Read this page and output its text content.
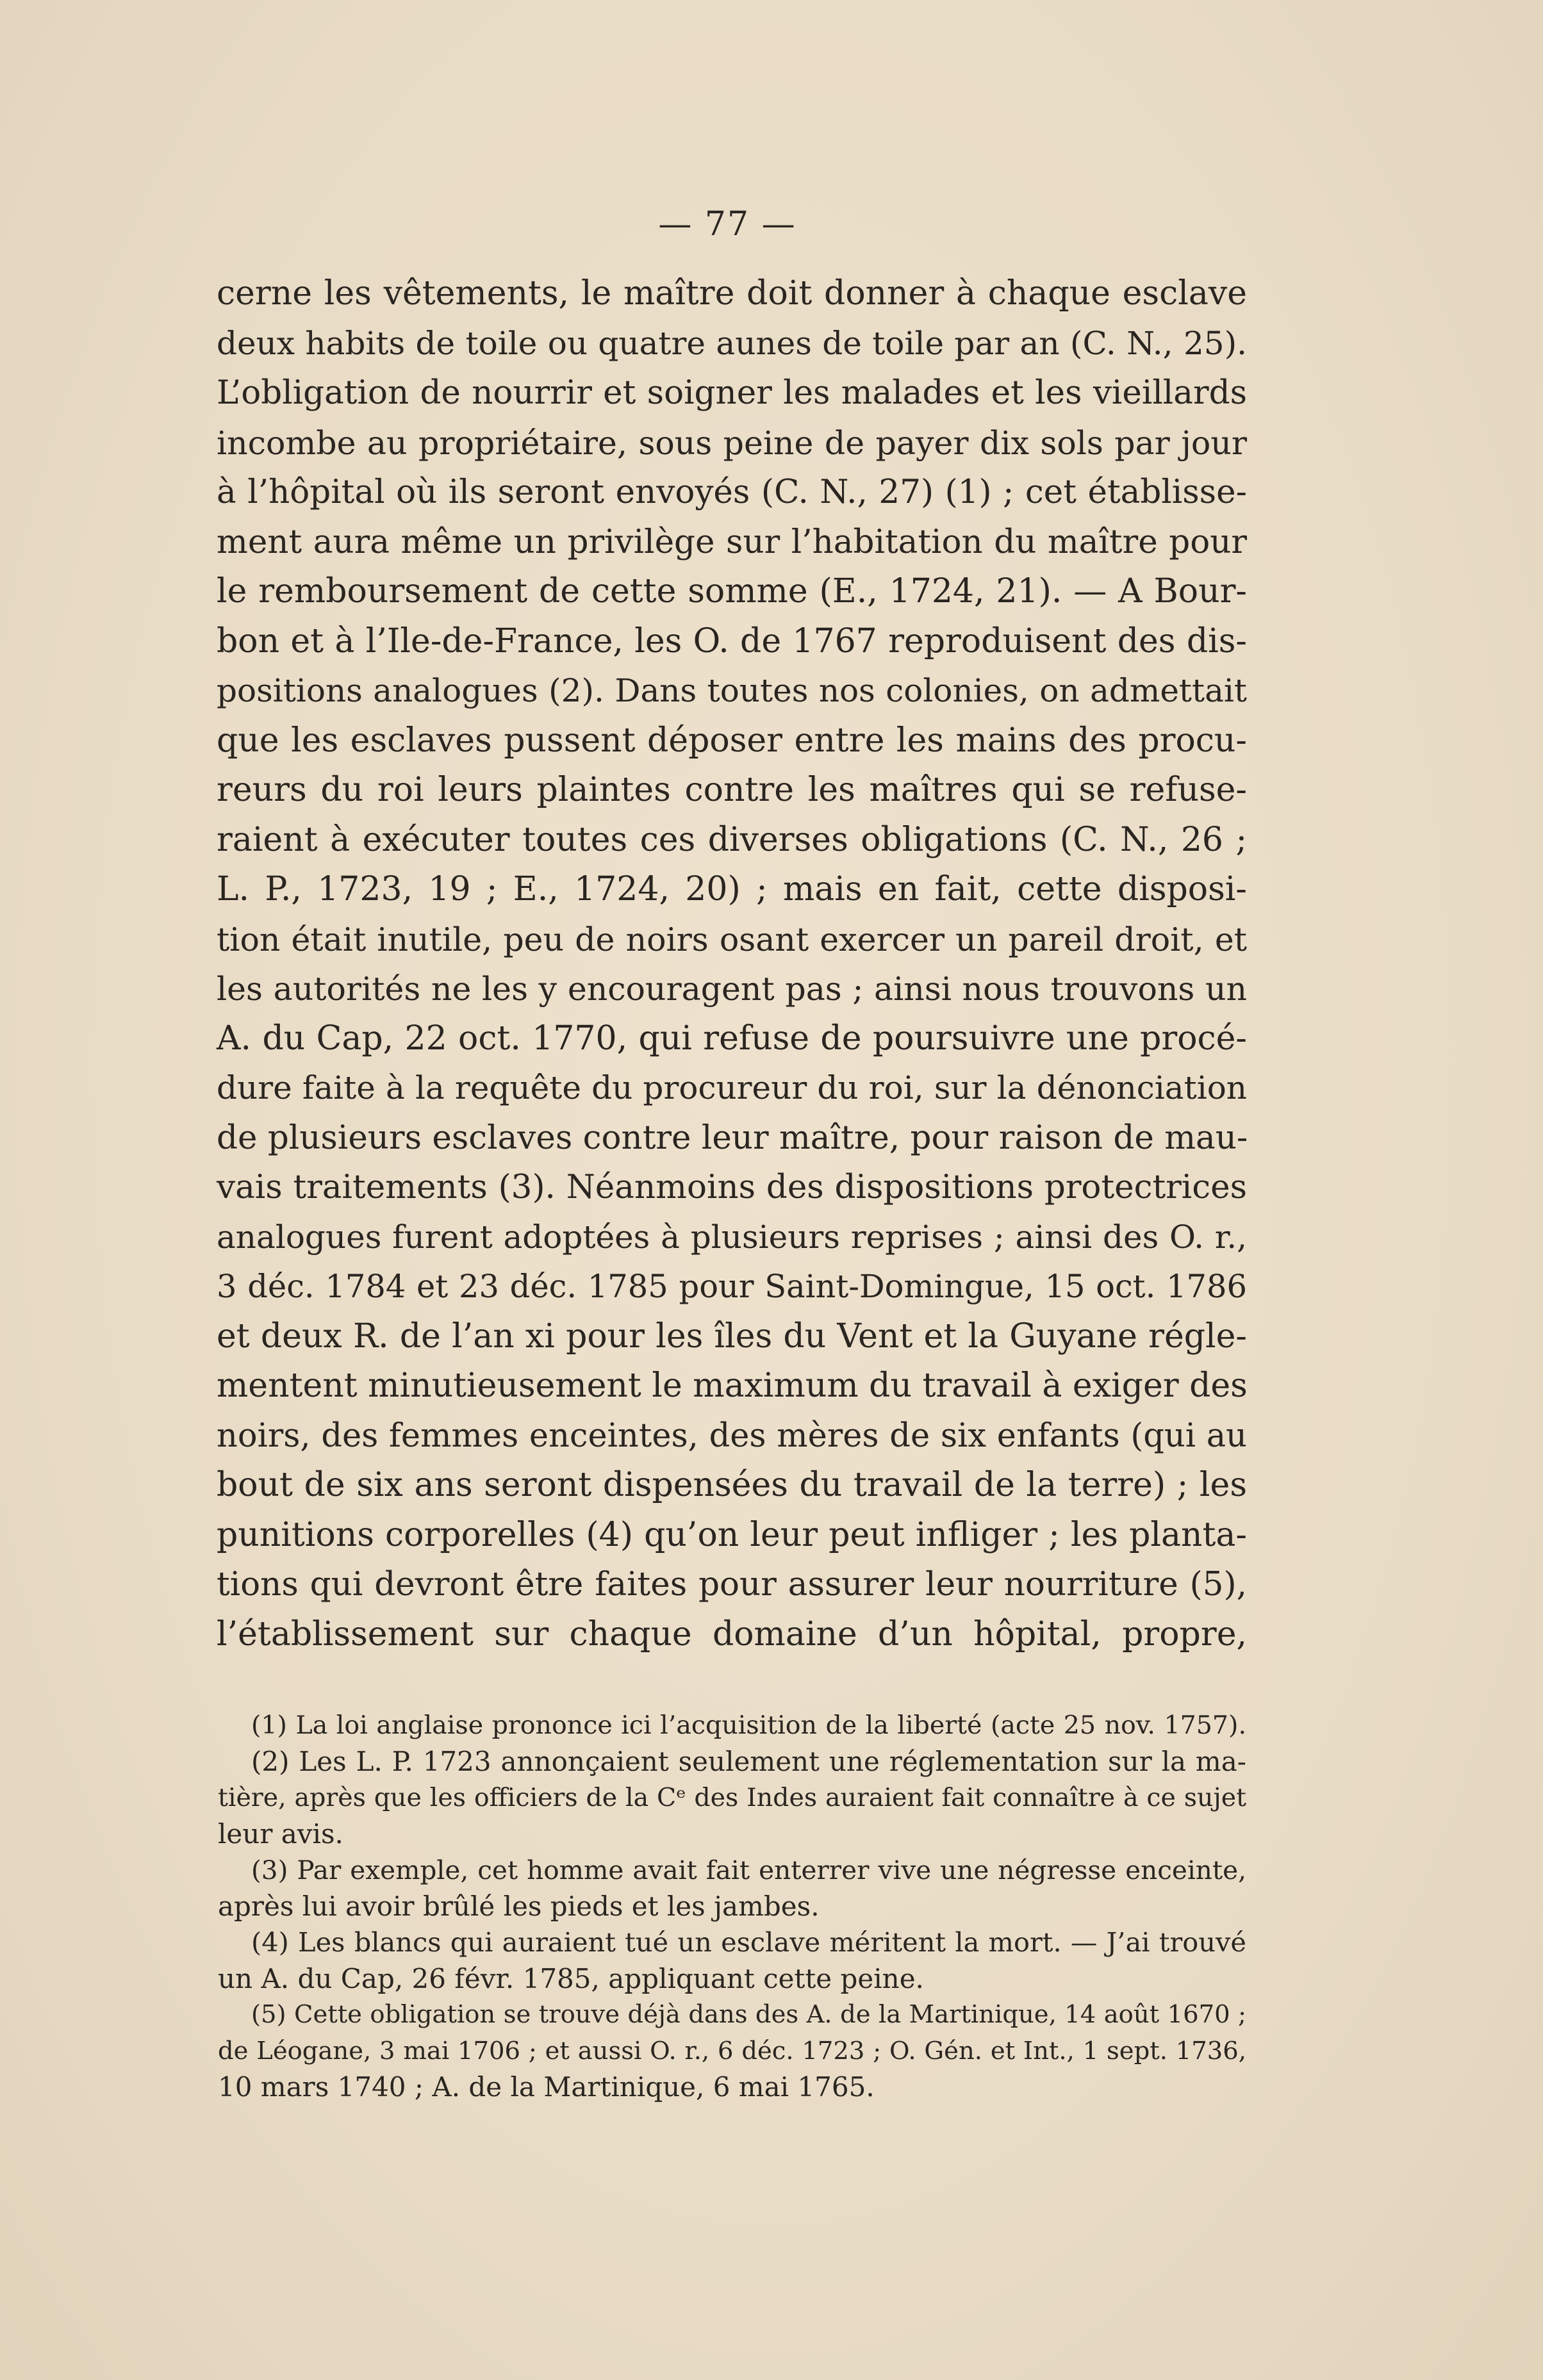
— 77 —
cerne les vêtements, le maître doit donner à chaque esclave
deux habits de toile ou quatre aunes de toile par an (C. N., 25).
L’obligation de nourrir et soigner les malades et les vieillards
incombe au propriétaire, sous peine de payer dix sols par jour
à l’hôpital où ils seront envoyés (C. N., 27) (1) ; cet établisse-
ment aura même un privilège sur l’habitation du maître pour
le remboursement de cette somme (E., 1724, 21). — A Bour-
bon et à l’Ile-de-France, les O. de 1767 reproduisent des dis-
positions analogues (2). Dans toutes nos colonies, on admettait
que les esclaves pussent déposer entre les mains des procu-
reurs du roi leurs plaintes contre les maîtres qui se refuse-
raient à exécuter toutes ces diverses obligations (C. N., 26 ;
L. P., 1723, 19 ; E., 1724, 20) ; mais en fait, cette disposi-
tion était inutile, peu de noirs osant exercer un pareil droit, et
les autorités ne les y encouragent pas ; ainsi nous trouvons un
A. du Cap, 22 oct. 1770, qui refuse de poursuivre une procé-
dure faite à la requête du procureur du roi, sur la dénonciation
de plusieurs esclaves contre leur maître, pour raison de mau-
vais traitements (3). Néanmoins des dispositions protectrices
analogues furent adoptées à plusieurs reprises ; ainsi des O. r.,
3 déc. 1784 et 23 déc. 1785 pour Saint-Domingue, 15 oct. 1786
et deux R. de l’an xi pour les îles du Vent et la Guyane régle-
mentent minutieusement le maximum du travail à exiger des
noirs, des femmes enceintes, des mères de six enfants (qui au
bout de six ans seront dispensées du travail de la terre) ; les
punitions corporelles (4) qu’on leur peut infliger ; les planta-
tions qui devront être faites pour assurer leur nourriture (5),
l’établissement sur chaque domaine d’un hôpital, propre,
(1) La loi anglaise prononce ici l’acquisition de la liberté (acte 25 nov. 1757).
(2) Les L. P. 1723 annonçaient seulement une réglementation sur la ma-
tière, après que les officiers de la Cᵉ des Indes auraient fait connaître à ce sujet
leur avis.
(3) Par exemple, cet homme avait fait enterrer vive une négresse enceinte,
après lui avoir brûlé les pieds et les jambes.
(4) Les blancs qui auraient tué un esclave méritent la mort. — J’ai trouvé
un A. du Cap, 26 févr. 1785, appliquant cette peine.
(5) Cette obligation se trouve déjà dans des A. de la Martinique, 14 août 1670 ;
de Léogane, 3 mai 1706 ; et aussi O. r., 6 déc. 1723 ; O. Gén. et Int., 1 sept. 1736,
10 mars 1740 ; A. de la Martinique, 6 mai 1765.
